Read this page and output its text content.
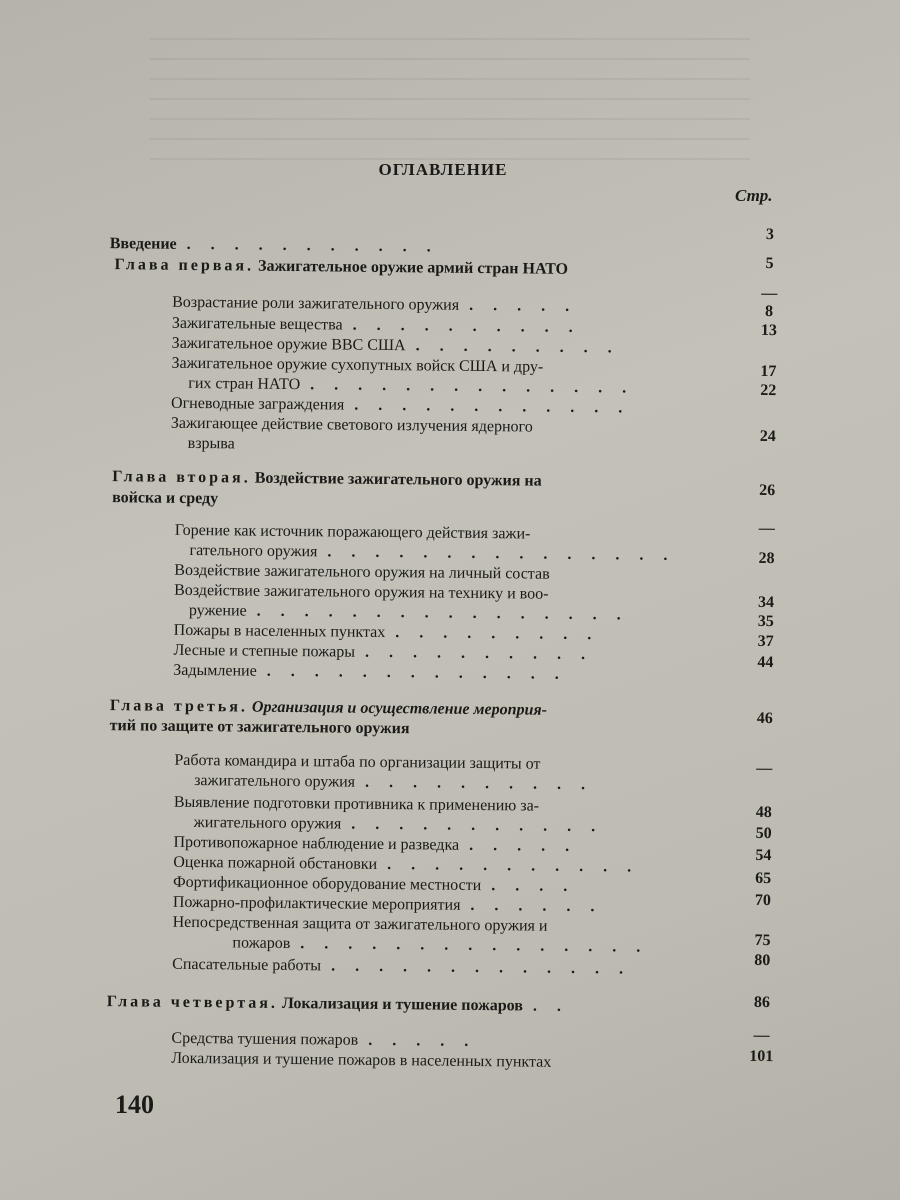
ОГЛАВЛЕНИЕ
Стр.
Введение ...........
Глава первая. Зажигательное оружие армий стран НАТО
Возрастание роли зажигательного оружия .....
Зажигательные вещества ..........
Зажигательное оружие ВВС США .........
Зажигательное оружие сухопутных войск США и дру-
гих стран НАТО ..............
Огневодные заграждения ............
Зажигающее действие светового излучения ядерного
взрыва
Глава вторая. Воздействие зажигательного оружия на
войска и среду
Горение как источник поражающего действия зажи-
гательного оружия ...............
Воздействие зажигательного оружия на личный состав
Воздействие зажигательного оружия на технику и воо-
ружение ................
Пожары в населенных пунктах .........
Лесные и степные пожары ..........
Задымление .............
Глава третья. Организация и осуществление мероприя-
тий по защите от зажигательного оружия
Работа командира и штаба по организации защиты от
зажигательного оружия ..........
Выявление подготовки противника к применению за-
жигательного оружия ...........
Противопожарное наблюдение и разведка .....
Оценка пожарной обстановки ...........
Фортификационное оборудование местности ....
Пожарно-профилактические мероприятия ......
Непосредственная защита от зажигательного оружия и
пожаров ...............
Спасательные работы .............
Глава четвертая. Локализация и тушение пожаров ..
Средства тушения пожаров .....
Локализация и тушение пожаров в населенных пунктах
3
5
—
8
13
17
22
24
26
—
28
34
35
37
44
46
—
48
50
54
65
70
75
80
86
—
101
140
